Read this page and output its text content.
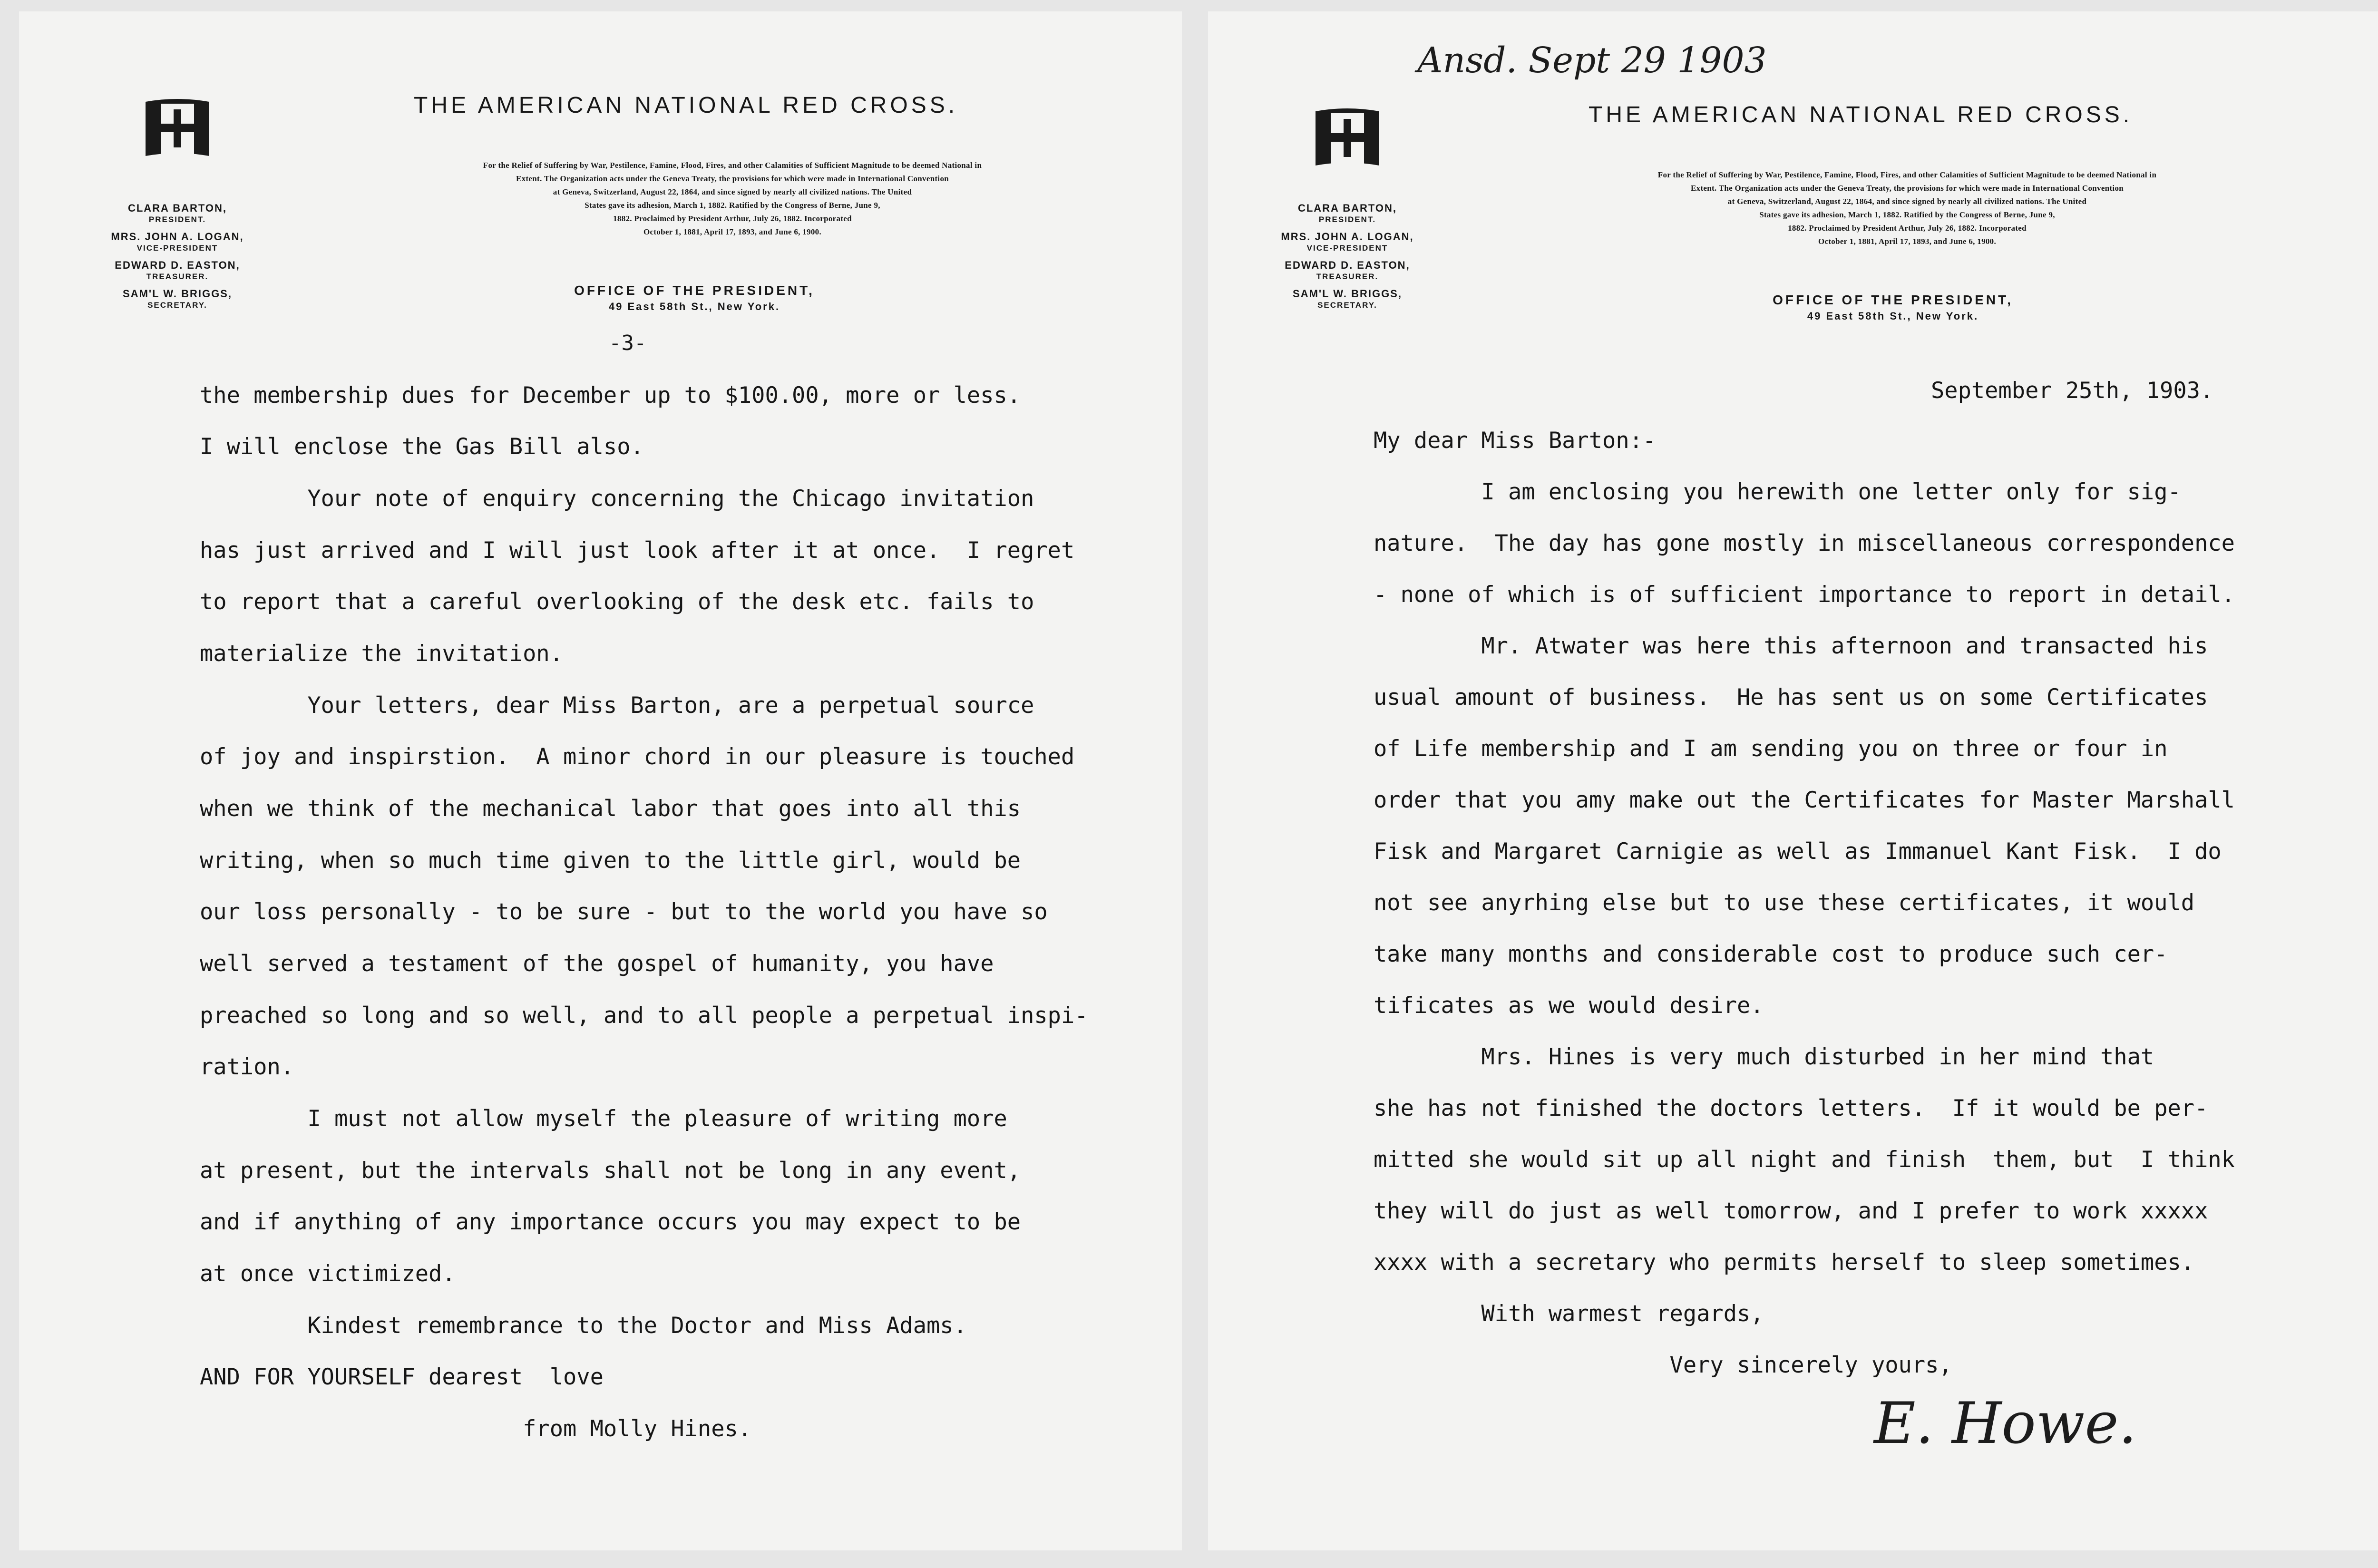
CLARA BARTON,
PRESIDENT.
MRS. JOHN A. LOGAN,
VICE-PRESIDENT
EDWARD D. EASTON,
TREASURER.
SAM'L W. BRIGGS,
SECRETARY.
THE AMERICAN NATIONAL RED CROSS.
For the Relief of Suffering by War, Pestilence, Famine, Flood, Fires, and other Calamities of Sufficient Magnitude to be deemed National in
Extent. The Organization acts under the Geneva Treaty, the provisions for which were made in International Convention
at Geneva, Switzerland, August 22, 1864, and since signed by nearly all civilized nations. The United
States gave its adhesion, March 1, 1882. Ratified by the Congress of Berne, June 9,
1882. Proclaimed by President Arthur, July 26, 1882. Incorporated
October 1, 1881, April 17, 1893, and June 6, 1900.
OFFICE OF THE PRESIDENT,
49 East 58th St., New York.
-3-
the membership dues for December up to $100.00, more or less.
I will enclose the Gas Bill also.
Your note of enquiry concerning the Chicago invitation
has just arrived and I will just look after it at once.  I regret
to report that a careful overlooking of the desk etc. fails to
materialize the invitation.
Your letters, dear Miss Barton, are a perpetual source
of joy and inspirstion.  A minor chord in our pleasure is touched
when we think of the mechanical labor that goes into all this
writing, when so much time given to the little girl, would be
our loss personally - to be sure - but to the world you have so
well served a testament of the gospel of humanity, you have
preached so long and so well, and to all people a perpetual inspi-
ration.
I must not allow myself the pleasure of writing more
at present, but the intervals shall not be long in any event,
and if anything of any importance occurs you may expect to be
at once victimized.
Kindest remembrance to the Doctor and Miss Adams.
AND FOR YOURSELF dearest  love
from Molly Hines.
Ansd. Sept 29 1903
CLARA BARTON,
PRESIDENT.
MRS. JOHN A. LOGAN,
VICE-PRESIDENT
EDWARD D. EASTON,
TREASURER.
SAM'L W. BRIGGS,
SECRETARY.
THE AMERICAN NATIONAL RED CROSS.
For the Relief of Suffering by War, Pestilence, Famine, Flood, Fires, and other Calamities of Sufficient Magnitude to be deemed National in
Extent. The Organization acts under the Geneva Treaty, the provisions for which were made in International Convention
at Geneva, Switzerland, August 22, 1864, and since signed by nearly all civilized nations. The United
States gave its adhesion, March 1, 1882. Ratified by the Congress of Berne, June 9,
1882. Proclaimed by President Arthur, July 26, 1882. Incorporated
October 1, 1881, April 17, 1893, and June 6, 1900.
OFFICE OF THE PRESIDENT,
49 East 58th St., New York.
September 25th, 1903.
My dear Miss Barton:-
I am enclosing you herewith one letter only for sig-
nature.  The day has gone mostly in miscellaneous correspondence
- none of which is of sufficient importance to report in detail.
Mr. Atwater was here this afternoon and transacted his
usual amount of business.  He has sent us on some Certificates
of Life membership and I am sending you on three or four in
order that you amy make out the Certificates for Master Marshall
Fisk and Margaret Carnigie as well as Immanuel Kant Fisk.  I do
not see anyrhing else but to use these certificates, it would
take many months and considerable cost to produce such cer-
tificates as we would desire.
Mrs. Hines is very much disturbed in her mind that
she has not finished the doctors letters.  If it would be per-
mitted she would sit up all night and finish  them, but  I think
they will do just as well tomorrow, and I prefer to work xxxxx
xxxx with a secretary who permits herself to sleep sometimes.
With warmest regards,
Very sincerely yours,
E. Howe.
